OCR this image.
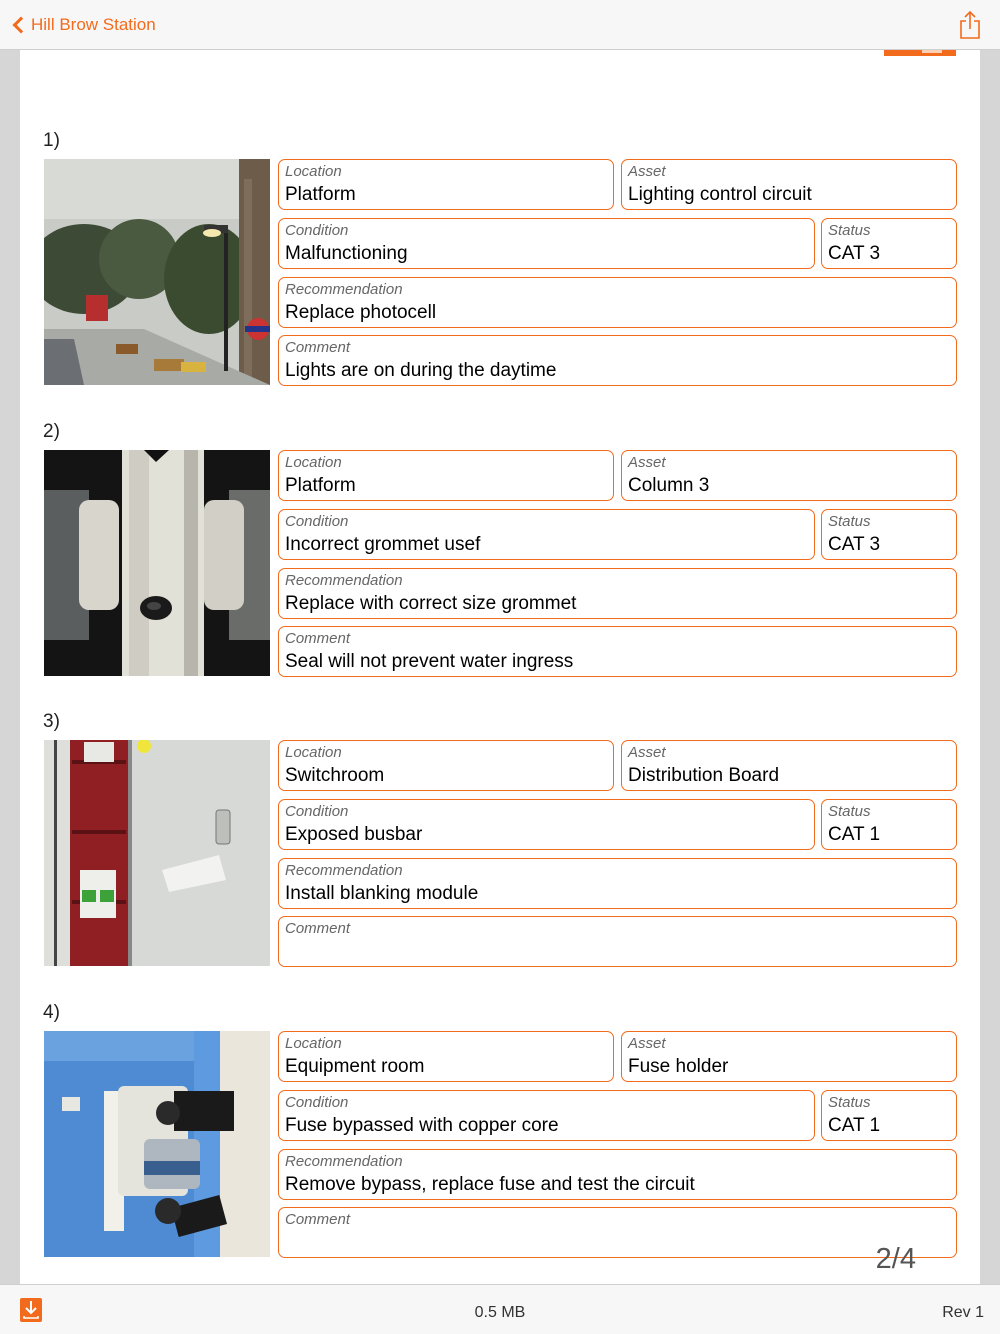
Hill Brow Station
1)
Location
Platform
Asset
Lighting control circuit
Condition
Malfunctioning
Status
CAT 3
Recommendation
Replace photocell
Comment
Lights are on during the daytime
2)
Location
Platform
Asset
Column 3
Condition
Incorrect grommet usef
Status
CAT 3
Recommendation
Replace with correct size grommet
Comment
Seal will not prevent water ingress
3)
Location
Switchroom
Asset
Distribution Board
Condition
Exposed busbar
Status
CAT 1
Recommendation
Install blanking module
Comment
4)
Location
Equipment room
Asset
Fuse holder
Condition
Fuse bypassed with copper core
Status
CAT 1
Recommendation
Remove bypass, replace fuse and test the circuit
Comment
2/4
0.5 MB	Rev 1
